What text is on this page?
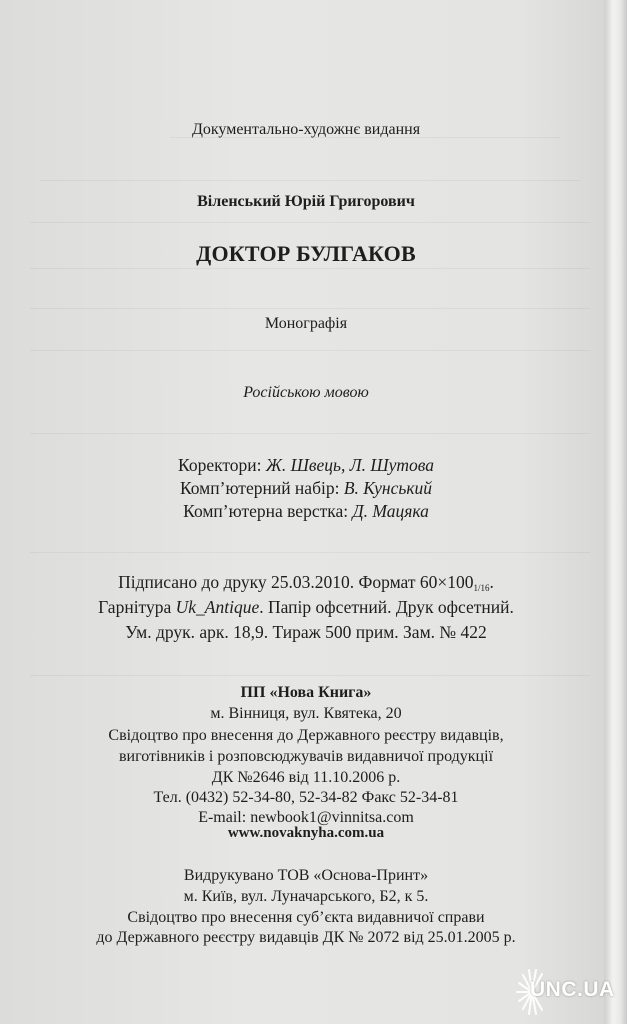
Документально-художнє видання
Віленський Юрій Григорович
ДОКТОР БУЛГАКОВ
Монографія
Російською мовою
Коректори: Ж. Швець, Л. Шутова
Комп’ютерний набір: В. Кунський
Комп’ютерна верстка: Д. Мацяка
Підписано до друку 25.03.2010. Формат $60\times 100_{1/16}$.
Гарнітура Uk_Antique. Папір офсетний. Друк офсетний.
Ум. друк. арк. 18,9. Тираж 500 прим. Зам. № 422
ПП «Нова Книга»
м. Вінниця, вул. Квятека, 20
Свідоцтво про внесення до Державного реєстру видавців,
виготівників і розповсюджувачів видавничої продукції
ДК №2646 від 11.10.2006 р.
Тел. (0432) 52-34-80, 52-34-82 Факс 52-34-81
E-mail: newbook1@vinnitsa.com
www.novaknyha.com.ua
Видрукувано ТОВ «Основа-Принт»
м. Київ, вул. Луначарського, Б2, к 5.
Свідоцтво про внесення суб’єкта видавничої справи
до Державного реєстру видавців ДК № 2072 від 25.01.2005 р.
UNC.UA
